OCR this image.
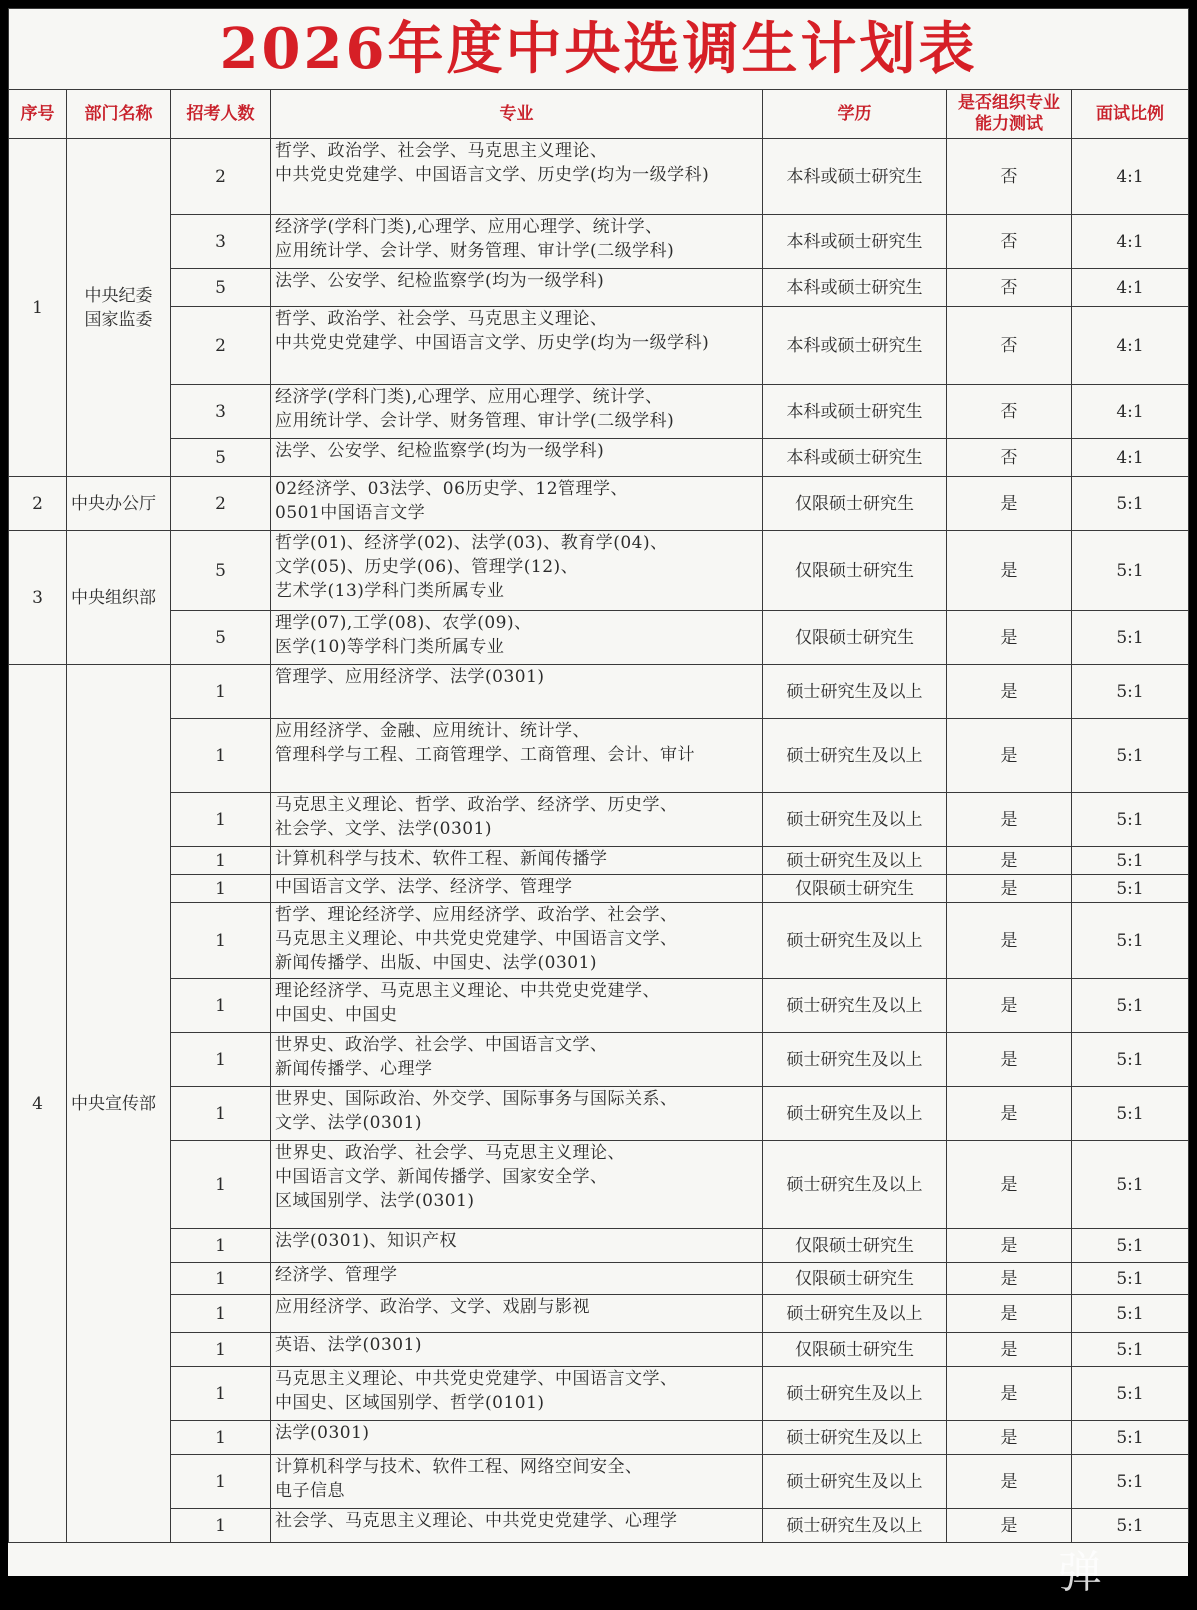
2026年度中央选调生计划表						
序号	部门名称	招考人数	专业	学历	是否组织专业能力测试	面试比例
1	中央纪委
国家监委	2	哲学、政治学、社会学、马克思主义理论、
中共党史党建学、中国语言文学、历史学(均为一级学科)	本科或硕士研究生	否	4:1
		3	经济学(学科门类),心理学、应用心理学、统计学、
应用统计学、会计学、财务管理、审计学(二级学科)	本科或硕士研究生	否	4:1
		5	法学、公安学、纪检监察学(均为一级学科)	本科或硕士研究生	否	4:1
		2	哲学、政治学、社会学、马克思主义理论、
中共党史党建学、中国语言文学、历史学(均为一级学科)	本科或硕士研究生	否	4:1
		3	经济学(学科门类),心理学、应用心理学、统计学、
应用统计学、会计学、财务管理、审计学(二级学科)	本科或硕士研究生	否	4:1
		5	法学、公安学、纪检监察学(均为一级学科)	本科或硕士研究生	否	4:1
2	中央办公厅	2	02经济学、03法学、06历史学、12管理学、
0501中国语言文学	仅限硕士研究生	是	5:1
3	中央组织部	5	哲学(01)、经济学(02)、法学(03)、教育学(04)、
文学(05)、历史学(06)、管理学(12)、
艺术学(13)学科门类所属专业	仅限硕士研究生	是	5:1
		5	理学(07),工学(08)、农学(09)、
医学(10)等学科门类所属专业	仅限硕士研究生	是	5:1
4	中央宣传部	1	管理学、应用经济学、法学(0301)	硕士研究生及以上	是	5:1
		1	应用经济学、金融、应用统计、统计学、
管理科学与工程、工商管理学、工商管理、会计、审计	硕士研究生及以上	是	5:1
		1	马克思主义理论、哲学、政治学、经济学、历史学、
社会学、文学、法学(0301)	硕士研究生及以上	是	5:1
		1	计算机科学与技术、软件工程、新闻传播学	硕士研究生及以上	是	5:1
		1	中国语言文学、法学、经济学、管理学	仅限硕士研究生	是	5:1
		1	哲学、理论经济学、应用经济学、政治学、社会学、
马克思主义理论、中共党史党建学、中国语言文学、
新闻传播学、出版、中国史、法学(0301)	硕士研究生及以上	是	5:1
		1	理论经济学、马克思主义理论、中共党史党建学、
中国史、中国史	硕士研究生及以上	是	5:1
		1	世界史、政治学、社会学、中国语言文学、
新闻传播学、心理学	硕士研究生及以上	是	5:1
		1	世界史、国际政治、外交学、国际事务与国际关系、
文学、法学(0301)	硕士研究生及以上	是	5:1
		1	世界史、政治学、社会学、马克思主义理论、
中国语言文学、新闻传播学、国家安全学、
区域国别学、法学(0301)	硕士研究生及以上	是	5:1
		1	法学(0301)、知识产权	仅限硕士研究生	是	5:1
		1	经济学、管理学	仅限硕士研究生	是	5:1
		1	应用经济学、政治学、文学、戏剧与影视	硕士研究生及以上	是	5:1
		1	英语、法学(0301)	仅限硕士研究生	是	5:1
		1	马克思主义理论、中共党史党建学、中国语言文学、
中国史、区域国别学、哲学(0101)	硕士研究生及以上	是	5:1
		1	法学(0301)	硕士研究生及以上	是	5:1
		1	计算机科学与技术、软件工程、网络空间安全、
电子信息	硕士研究生及以上	是	5:1
		1	社会学、马克思主义理论、中共党史党建学、心理学	硕士研究生及以上	是	5:1
弹
